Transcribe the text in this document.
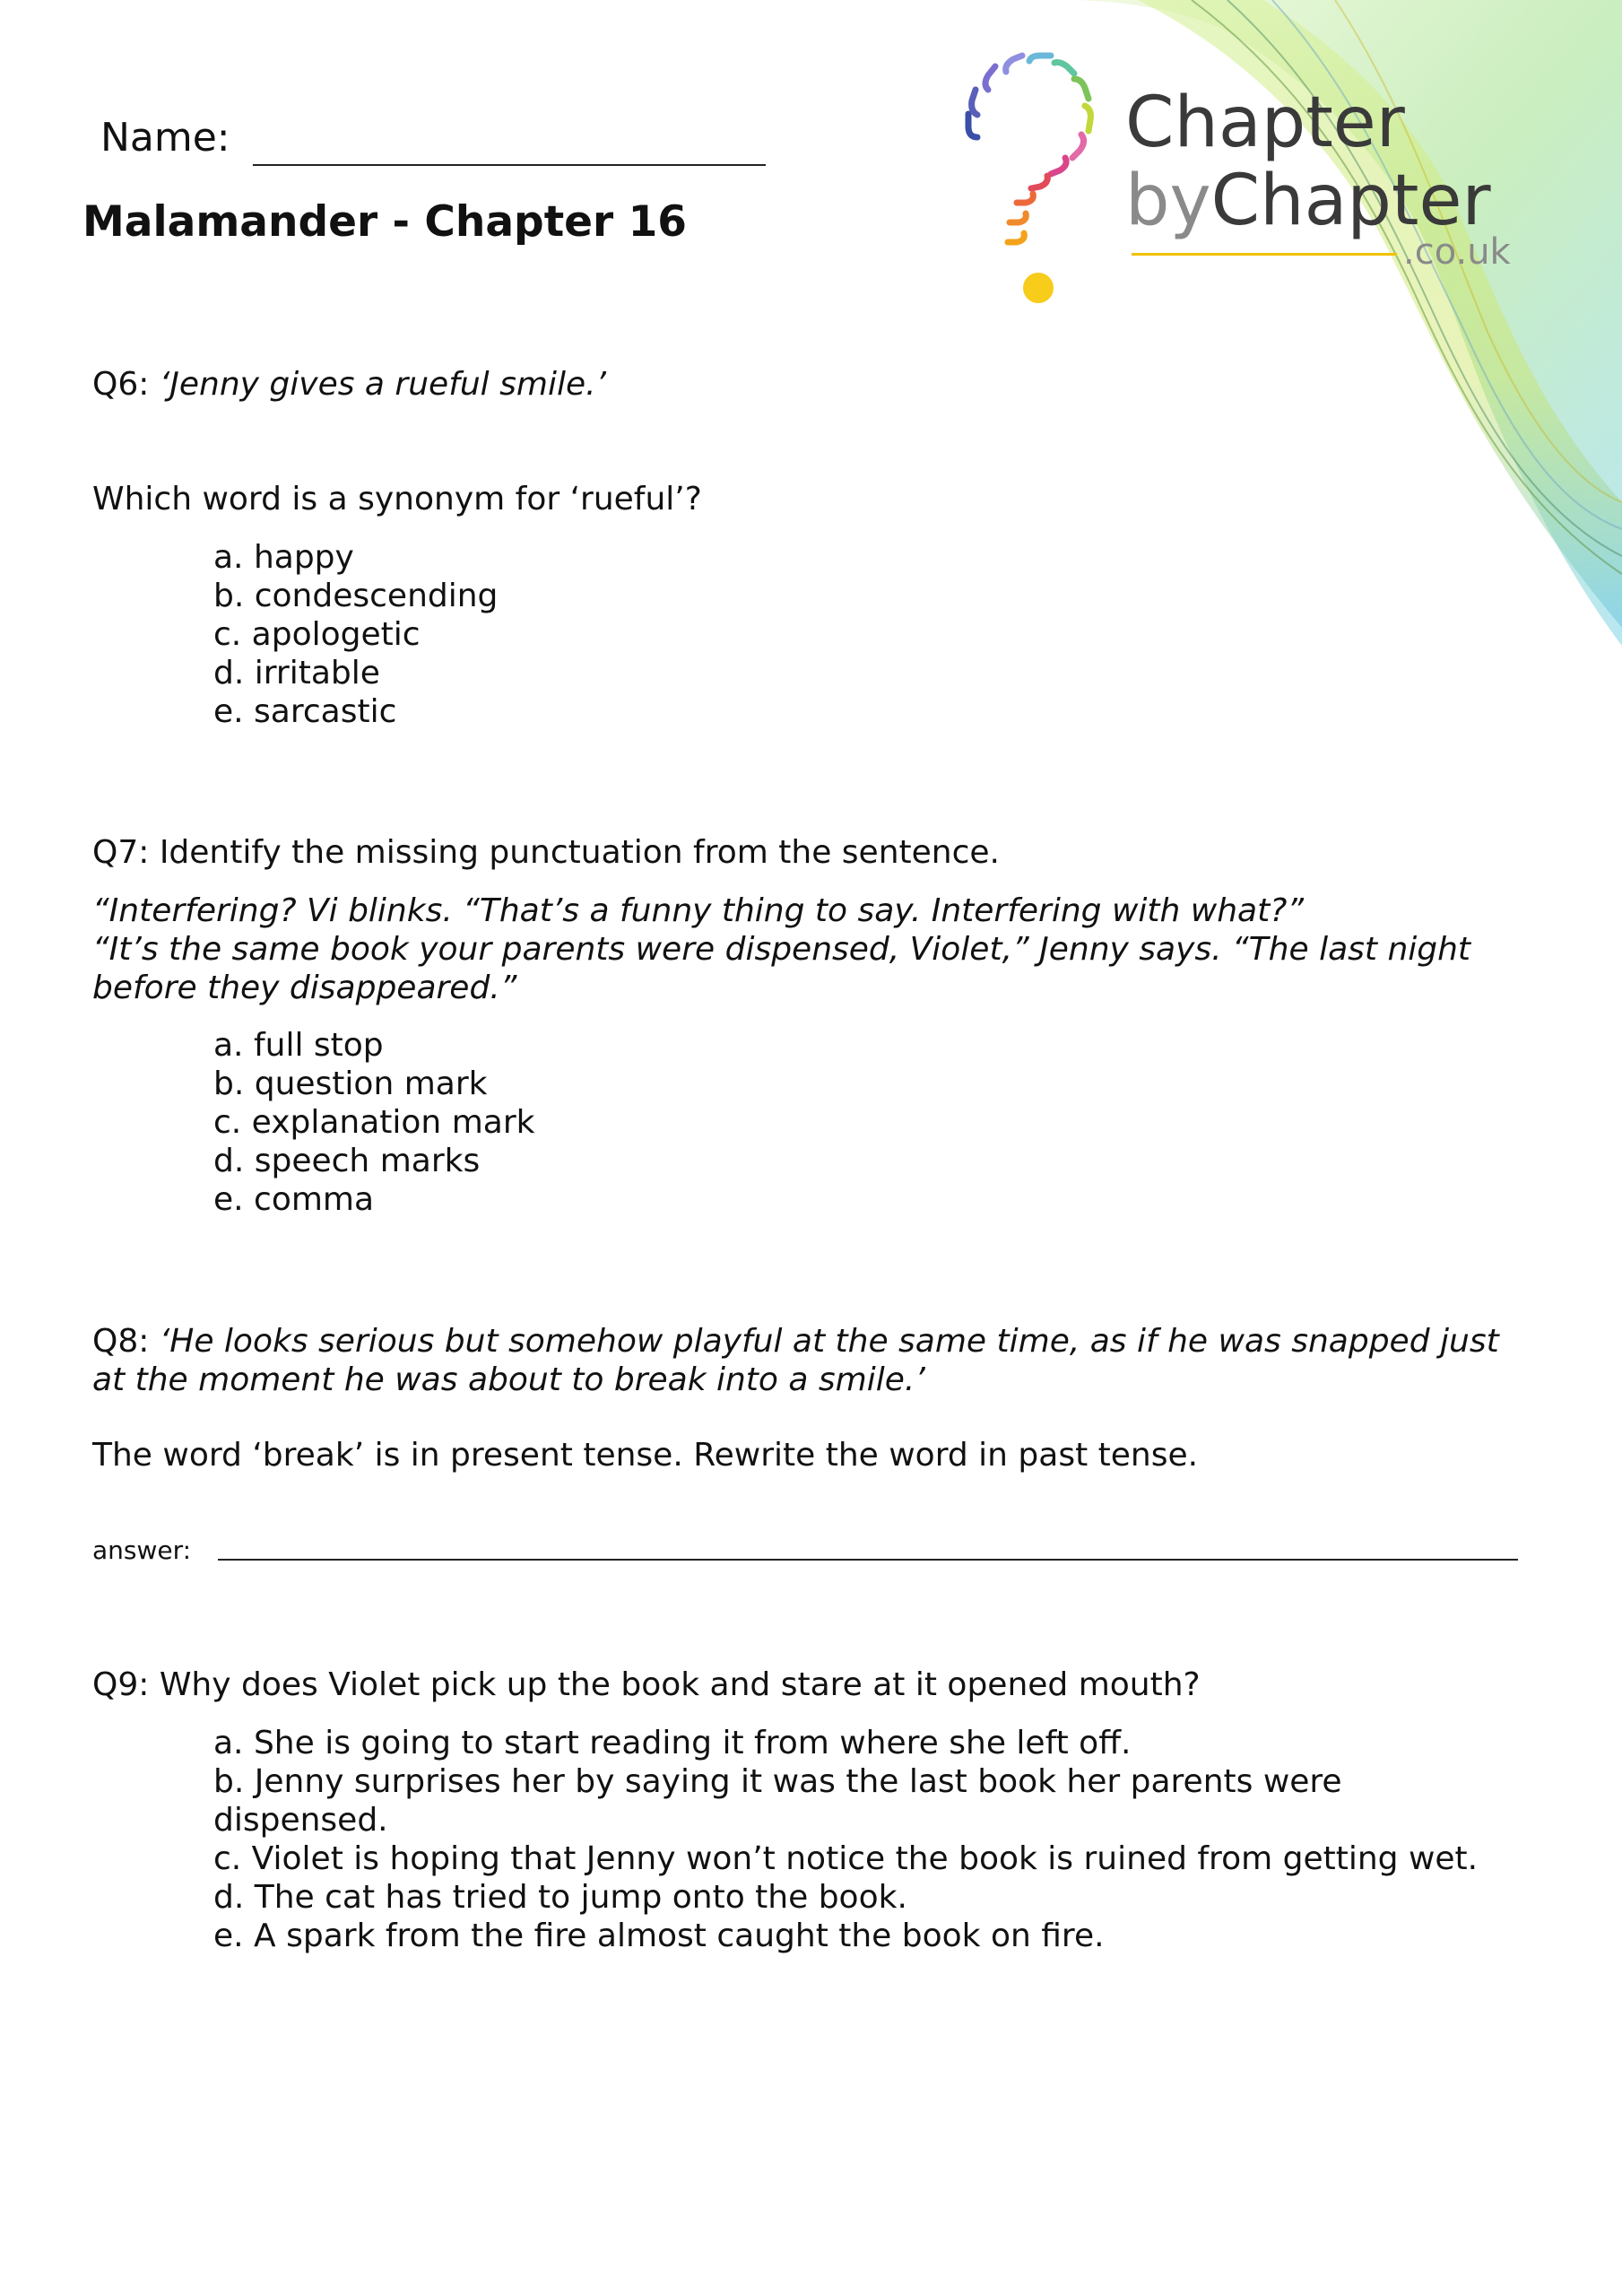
Name:
Malamander - Chapter 16
Chapter
byChapter
.co.uk
Q6: ‘Jenny gives a rueful smile.’
Which word is a synonym for ‘rueful’?
a. happy
b. condescending
c. apologetic
d. irritable
e. sarcastic
Q7: Identify the missing punctuation from the sentence.
“Interfering? Vi blinks. “That’s a funny thing to say. Interfering with what?”
“It’s the same book your parents were dispensed, Violet,” Jenny says. “The last night
before they disappeared.”
a. full stop
b. question mark
c. explanation mark
d. speech marks
e. comma
Q8: ‘He looks serious but somehow playful at the same time, as if he was snapped just
at the moment he was about to break into a smile.’
The word ‘break’ is in present tense. Rewrite the word in past tense.
answer:
Q9: Why does Violet pick up the book and stare at it opened mouth?
a. She is going to start reading it from where she left off.
b. Jenny surprises her by saying it was the last book her parents were
dispensed.
c. Violet is hoping that Jenny won’t notice the book is ruined from getting wet.
d. The cat has tried to jump onto the book.
e. A spark from the fire almost caught the book on fire.
